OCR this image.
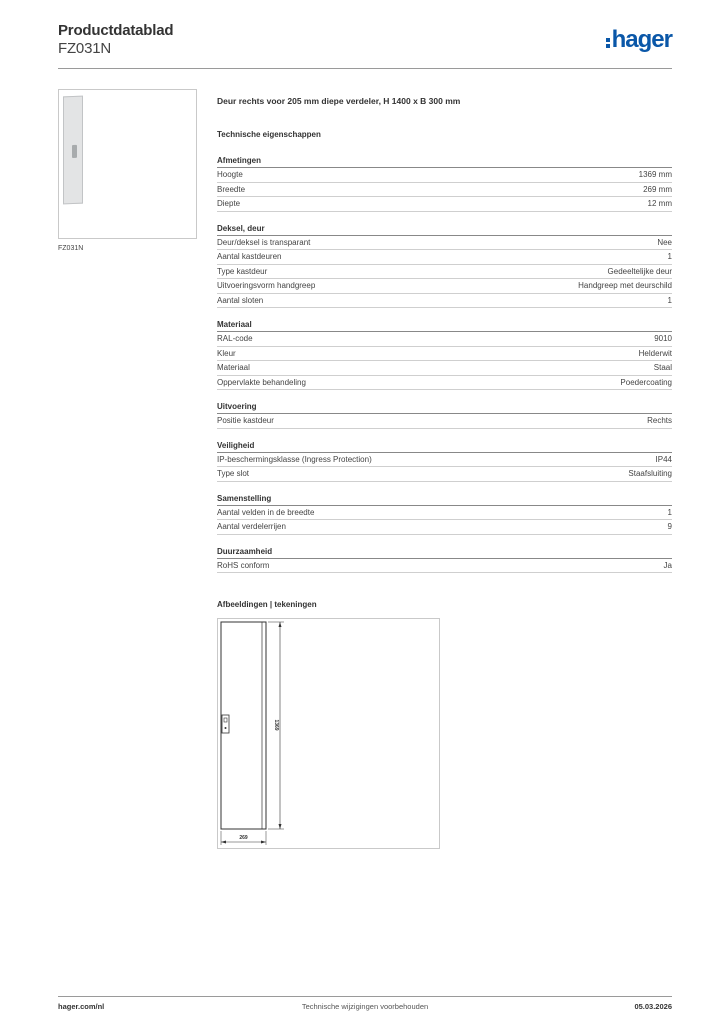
Productdatablad
FZ031N	hager
FZ031N
Deur rechts voor 205 mm diepe verdeler, H 1400 x B 300 mm
Technische eigenschappen
Afmetingen
Hoogte	1369 mm
Breedte	269 mm
Diepte	12 mm
Deksel, deur
Deur/deksel is transparant	Nee
Aantal kastdeuren	1
Type kastdeur	Gedeeltelijke deur
Uitvoeringsvorm handgreep	Handgreep met deurschild
Aantal sloten	1
Materiaal
RAL-code	9010
Kleur	Helderwit
Materiaal	Staal
Oppervlakte behandeling	Poedercoating
Uitvoering
Positie kastdeur	Rechts
Veiligheid
IP-beschermingsklasse (Ingress Protection)	IP44
Type slot	Staafsluiting
Samenstelling
Aantal velden in de breedte	1
Aantal verdelerrijen	9
Duurzaamheid
RoHS conform	Ja
Afbeeldingen | tekeningen
1369
269
hager.com/nl	Technische wijzigingen voorbehouden	05.03.2026
